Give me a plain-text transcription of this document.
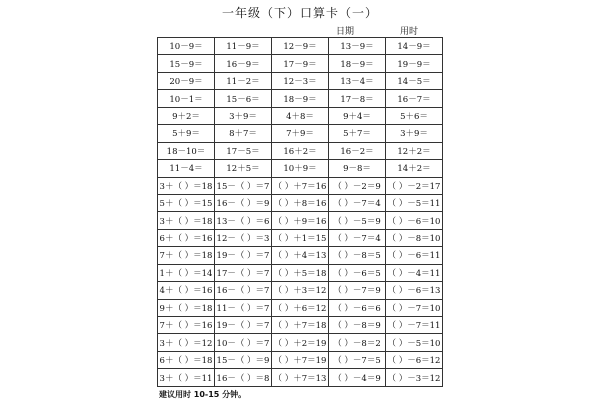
一年级（下）口算卡（一）
日期	用时
10－9＝	11－9＝	12－9＝	13－9＝	14－9＝
15－9＝	16－9＝	17－9＝	18－9＝	19－9＝
20－9＝	11－2＝	12－3＝	13－4＝	14－5＝
10－1＝	15－6＝	18－9＝	17－8＝	16－7＝
9＋2＝	3＋9＝	4＋8＝	9＋4＝	5＋6＝
5＋9＝	8＋7＝	7＋9＝	5＋7＝	3＋9＝
18－10＝	17－5＝	16＋2＝	16－2＝	12＋2＝
11－4＝	12＋5＝	10＋9＝	9－8＝	14＋2＝
3＋（ ）＝18	15－（ ）＝7	（ ）＋7＝16	（ ）－2＝9	（ ）－2＝17
5＋（ ）＝15	16－（ ）＝9	（ ）＋8＝16	（ ）－7＝4	（ ）－5＝11
3＋（ ）＝18	13－（ ）＝6	（ ）＋9＝16	（ ）－5＝9	（ ）－6＝10
6＋（ ）＝16	12－（ ）＝3	（ ）＋1＝15	（ ）－7＝4	（ ）－8＝10
7＋（ ）＝18	19－（ ）＝7	（ ）＋4＝13	（ ）－8＝5	（ ）－6＝11
1＋（ ）＝14	17－（ ）＝7	（ ）＋5＝18	（ ）－6＝5	（ ）－4＝11
4＋（ ）＝16	16－（ ）＝7	（ ）＋3＝12	（ ）－7＝9	（ ）－6＝13
9＋（ ）＝18	11－（ ）＝7	（ ）＋6＝12	（ ）－6＝6	（ ）－7＝10
7＋（ ）＝16	19－（ ）＝7	（ ）＋7＝18	（ ）－8＝9	（ ）－7＝11
3＋（ ）＝12	10－（ ）＝7	（ ）＋2＝19	（ ）－8＝2	（ ）－5＝10
6＋（ ）＝18	15－（ ）＝9	（ ）＋7＝19	（ ）－7＝5	（ ）－6＝12
3＋（ ）＝11	16－（ ）＝8	（ ）＋7＝13	（ ）－4＝9	（ ）－3＝12
建议用时 10-15 分钟。
